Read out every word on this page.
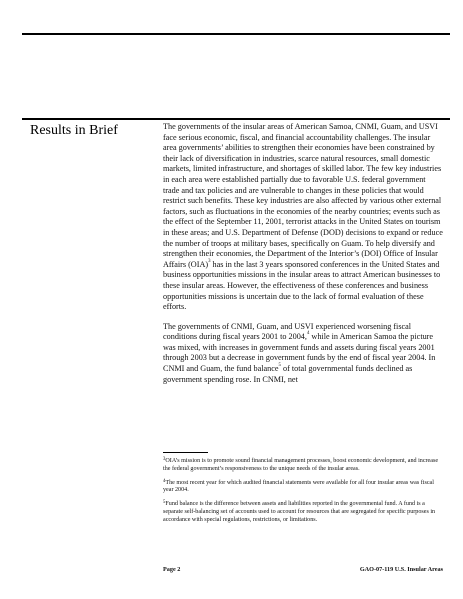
Results in Brief	The governments of the insular areas of American Samoa, CNMI, Guam, and USVI face serious economic, fiscal, and financial accountability challenges. The insular area governments’ abilities to strengthen their economies have been constrained by their lack of diversification in industries, scarce natural resources, small domestic markets, limited infrastructure, and shortages of skilled labor. The few key industries in each area were established partially due to favorable U.S. federal government trade and tax policies and are vulnerable to changes in these policies that would restrict such benefits. These key industries are also affected by various other external factors, such as fluctuations in the economies of the nearby countries; events such as the effect of the September 11, 2001, terrorist attacks in the United States on tourism in these areas; and U.S. Department of Defense (DOD) decisions to expand or reduce the number of troops at military bases, specifically on Guam. To help diversify and strengthen their economies, the Department of the Interior’s (DOI) Office of Insular Affairs (OIA)$^3$ has in the last 3 years sponsored conferences in the United States and business opportunities missions in the insular areas to attract American businesses to these insular areas. However, the effectiveness of these conferences and business opportunities missions is uncertain due to the lack of formal evaluation of these efforts.

The governments of CNMI, Guam, and USVI experienced worsening fiscal conditions during fiscal years 2001 to 2004,$^4$ while in American Samoa the picture was mixed, with increases in government funds and assets during fiscal years 2001 through 2003 but a decrease in government funds by the end of fiscal year 2004. In CNMI and Guam, the fund balance$^5$ of total governmental funds declined as government spending rose. In CNMI, net

$^3$OIA’s mission is to promote sound financial management processes, boost economic development, and increase the federal government’s responsiveness to the unique needs of the insular areas.

$^4$The most recent year for which audited financial statements were available for all four insular areas was fiscal year 2004.

$^5$Fund balance is the difference between assets and liabilities reported in the governmental fund. A fund is a separate self-balancing set of accounts used to account for resources that are segregated for specific purposes in accordance with special regulations, restrictions, or limitations.

Page 2	GAO-07-119 U.S. Insular Areas
